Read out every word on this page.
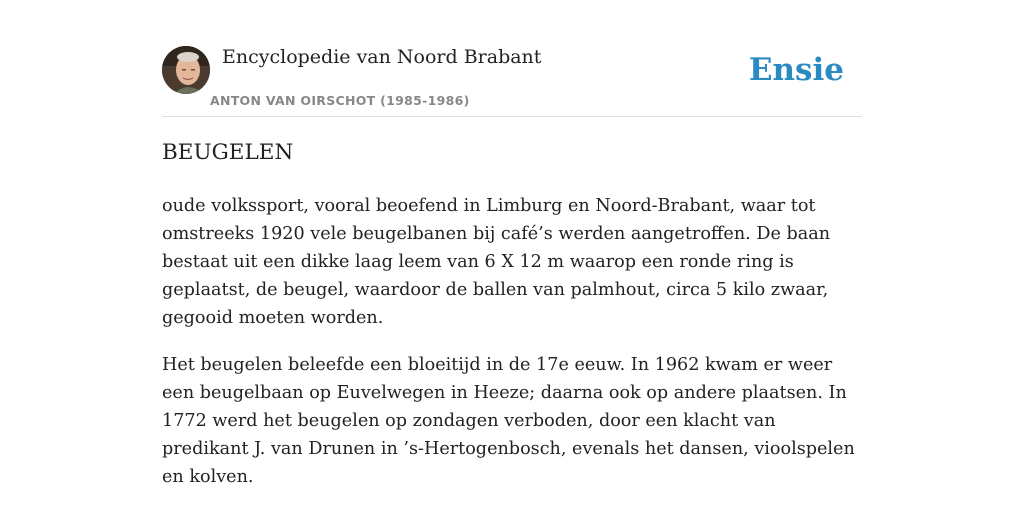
Encyclopedie van Noord Brabant
ANTON VAN OIRSCHOT (1985-1986)
Ensie
BEUGELEN

oude volkssport, vooral beoefend in Limburg en Noord-Brabant, waar tot omstreeks 1920 vele beugelbanen bij café’s werden aangetroffen. De baan bestaat uit een dikke laag leem van 6 X 12 m waarop een ronde ring is geplaatst, de beugel, waardoor de ballen van palmhout, circa 5 kilo zwaar, gegooid moeten worden.

Het beugelen beleefde een bloeitijd in de 17e eeuw. In 1962 kwam er weer een beugelbaan op Euvelwegen in Heeze; daarna ook op andere plaatsen. In 1772 werd het beugelen op zondagen verboden, door een klacht van predikant J. van Drunen in ’s-Hertogenbosch, evenals het dansen, vioolspelen en kolven.
